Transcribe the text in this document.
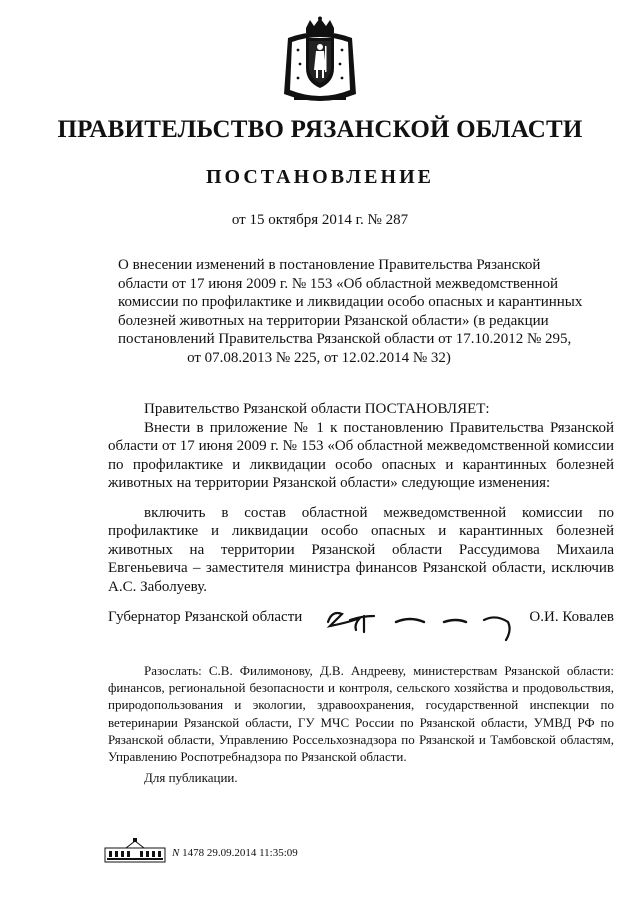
ПРАВИТЕЛЬСТВО РЯЗАНСКОЙ ОБЛАСТИ
ПОСТАНОВЛЕНИЕ
от 15 октября 2014 г. № 287
О внесении изменений в постановление Правительства Рязанской
области от 17 июня 2009 г. № 153 «Об областной межведомственной
комиссии по профилактике и ликвидации особо опасных и карантинных
болезней животных на территории Рязанской области» (в редакции
постановлений Правительства Рязанской области от 17.10.2012 № 295,
от 07.08.2013 № 225, от 12.02.2014 № 32)
Правительство Рязанской области ПОСТАНОВЛЯЕТ:
Внести в приложение № 1 к постановлению Правительства Рязанской области от 17 июня 2009 г. № 153 «Об областной межведомственной комиссии по профилактике и ликвидации особо опасных и карантинных болезней животных на территории Рязанской области» следующие изменения:
включить в состав областной межведомственной комиссии по профилактике и ликвидации особо опасных и карантинных болезней животных на территории Рязанской области Рассудимова Михаила Евгеньевича – заместителя министра финансов Рязанской области, исключив А.С. Заболуеву.
Губернатор Рязанской области	О.И. Ковалев
Разослать: С.В. Филимонову, Д.В. Андрееву, министерствам Рязанской области: финансов, региональной безопасности и контроля, сельского хозяйства и продовольствия, природопользования и экологии, здравоохранения, государственной инспекции по ветеринарии Рязанской области, ГУ МЧС России по Рязанской области, УМВД РФ по Рязанской области, Управлению Россельхознадзора по Рязанской и Тамбовской областям, Управлению Роспотребнадзора по Рязанской области.
Для публикации.
Ν 1478 29.09.2014 11:35:09
